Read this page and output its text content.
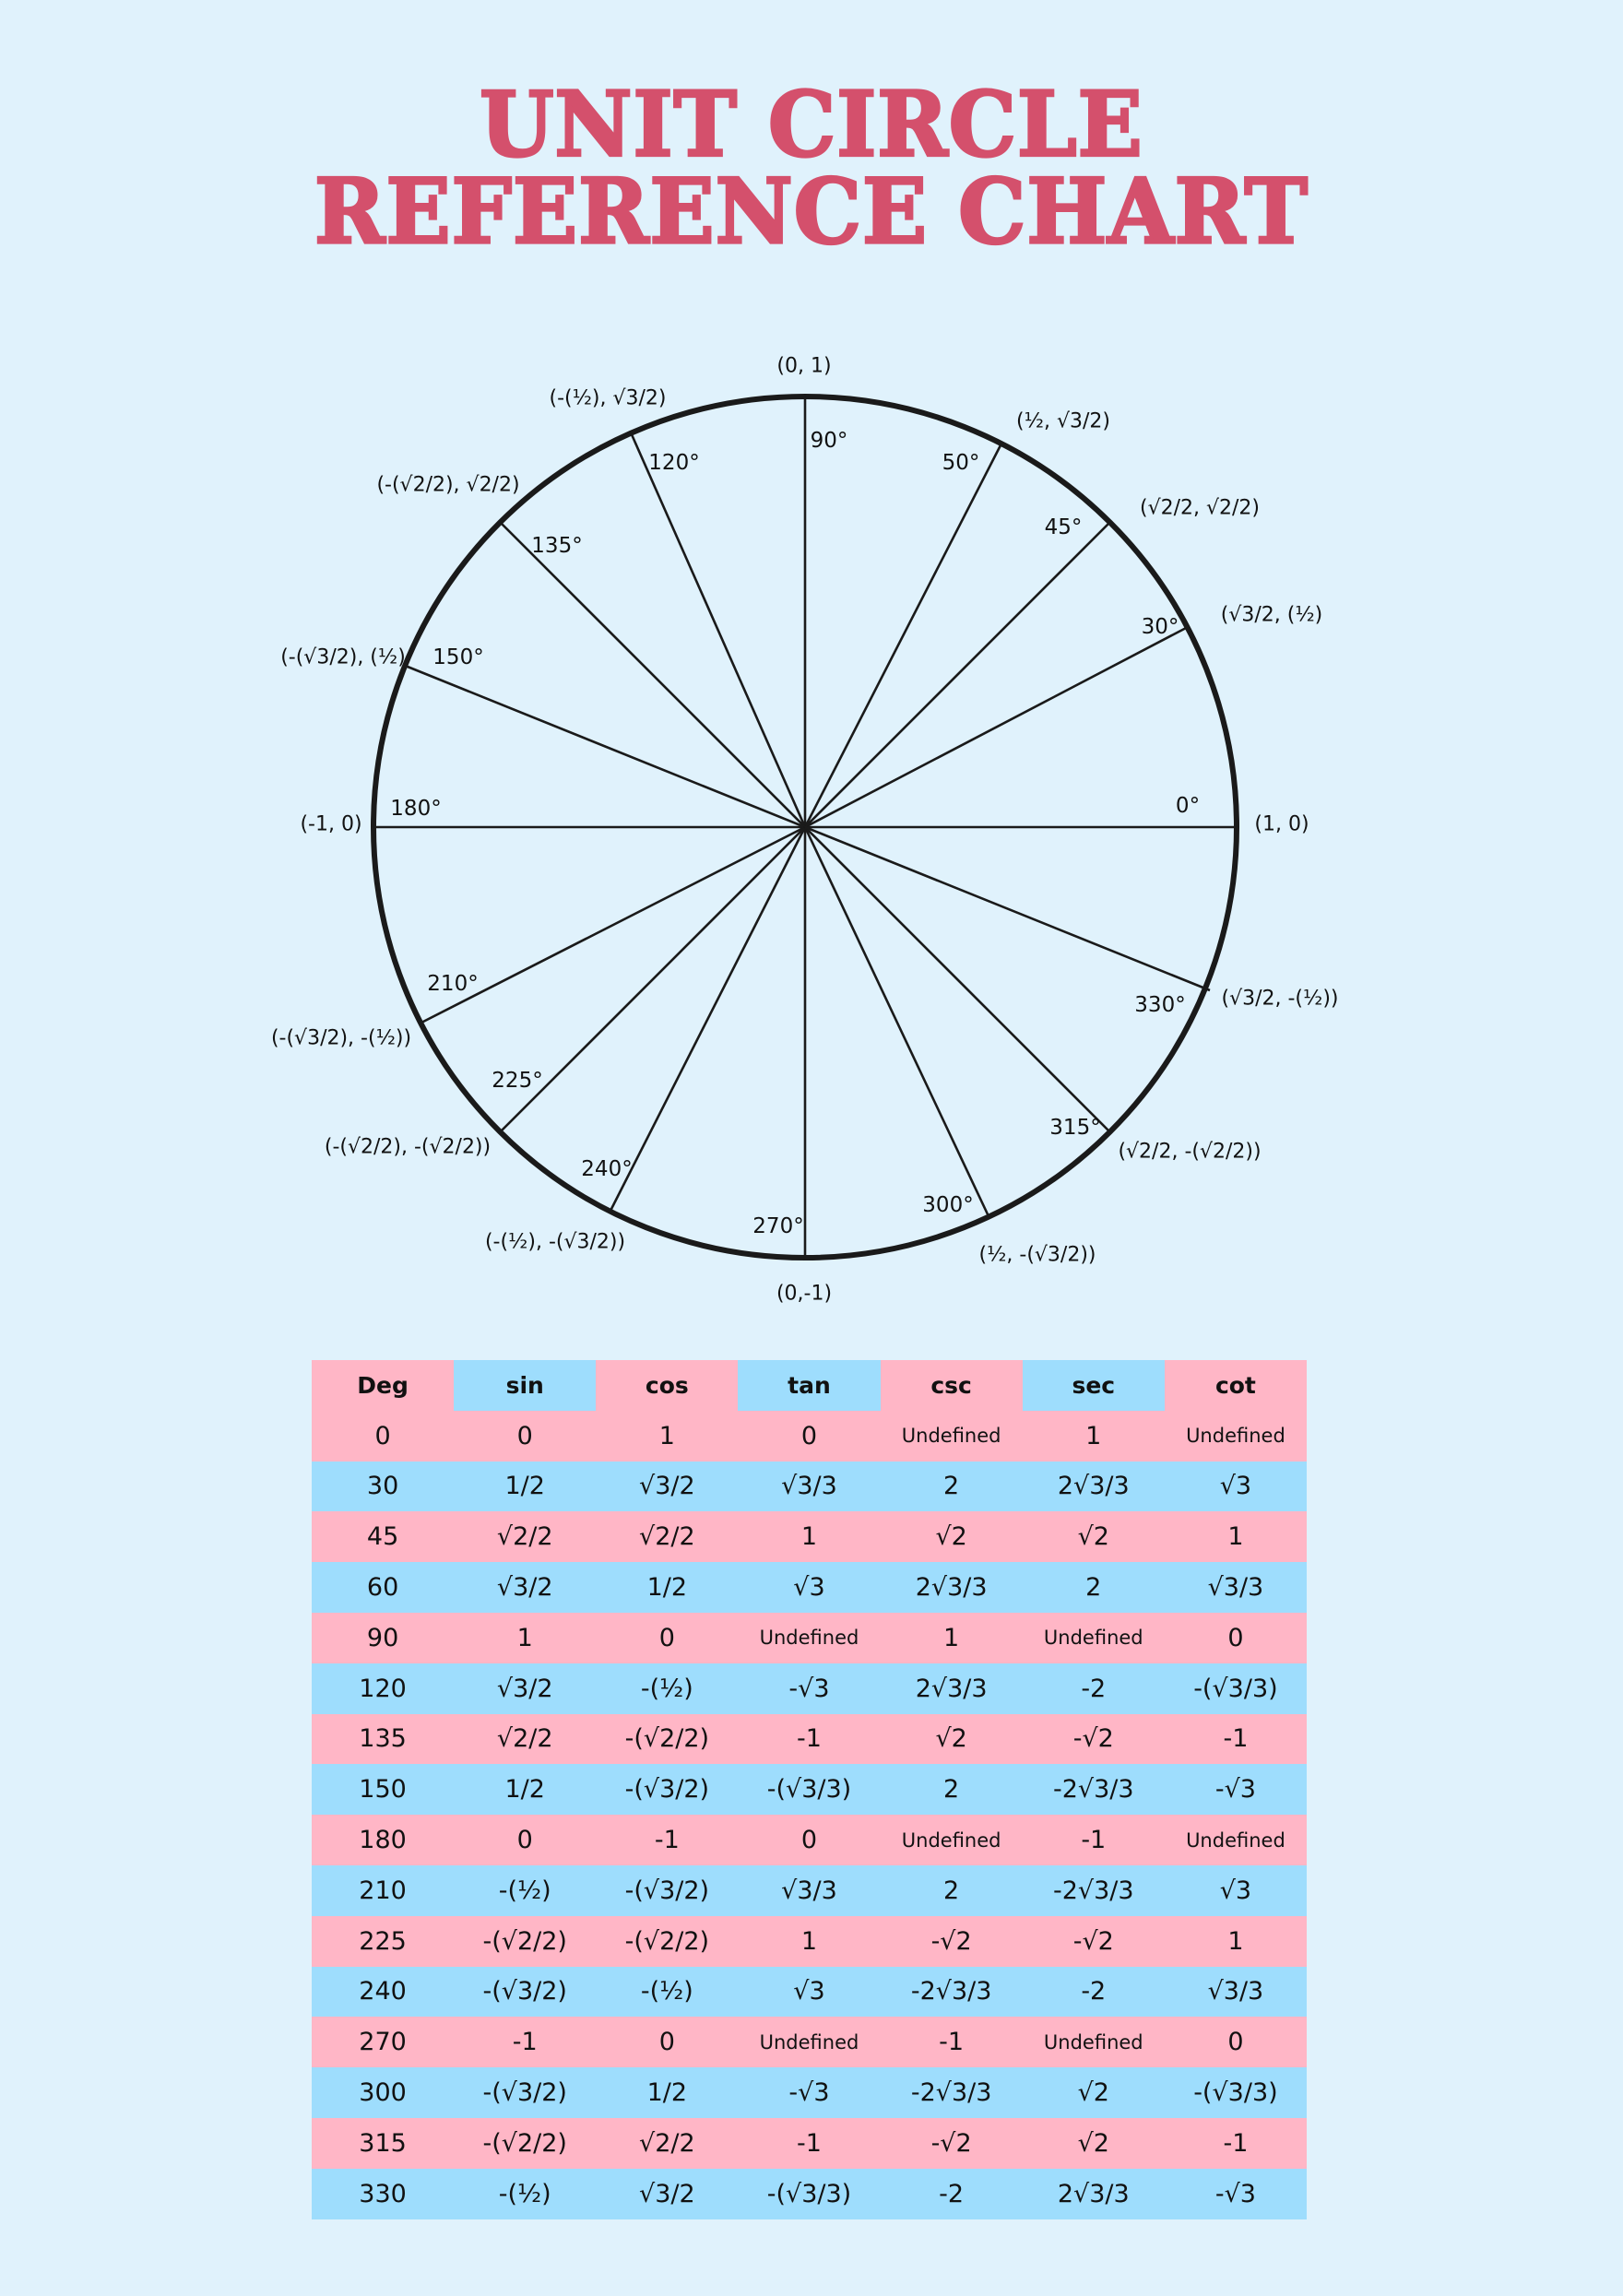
UNIT CIRCLE
REFERENCE CHART
(0, 1)
(-(½), √3/2)
(-(√2/2), √2/2)
(-(√3/2), (½)
(-1, 0)
(-(√3/2), -(½))
(-(√2/2), -(√2/2))
(-(½), -(√3/2))
(0,-1)
(½, -(√3/2))
(√2/2, -(√2/2))
(√3/2, -(½))
(1, 0)
(√3/2, (½)
(√2/2, √2/2)
(½, √3/2)
90°
120°
135°
150°
180°
210°
225°
240°
270°
300°
315°
330°
0°
30°
45°
50°
Deg	sin	cos	tan	csc	sec	cot
0	0	1	0	Undefined	1	Undefined
30	1/2	√3/2	√3/3	2	2√3/3	√3
45	√2/2	√2/2	1	√2	√2	1
60	√3/2	1/2	√3	2√3/3	2	√3/3
90	1	0	Undefined	1	Undefined	0
120	√3/2	-(½)	-√3	2√3/3	-2	-(√3/3)
135	√2/2	-(√2/2)	-1	√2	-√2	-1
150	1/2	-(√3/2)	-(√3/3)	2	-2√3/3	-√3
180	0	-1	0	Undefined	-1	Undefined
210	-(½)	-(√3/2)	√3/3	2	-2√3/3	√3
225	-(√2/2)	-(√2/2)	1	-√2	-√2	1
240	-(√3/2)	-(½)	√3	-2√3/3	-2	√3/3
270	-1	0	Undefined	-1	Undefined	0
300	-(√3/2)	1/2	-√3	-2√3/3	√2	-(√3/3)
315	-(√2/2)	√2/2	-1	-√2	√2	-1
330	-(½)	√3/2	-(√3/3)	-2	2√3/3	-√3
